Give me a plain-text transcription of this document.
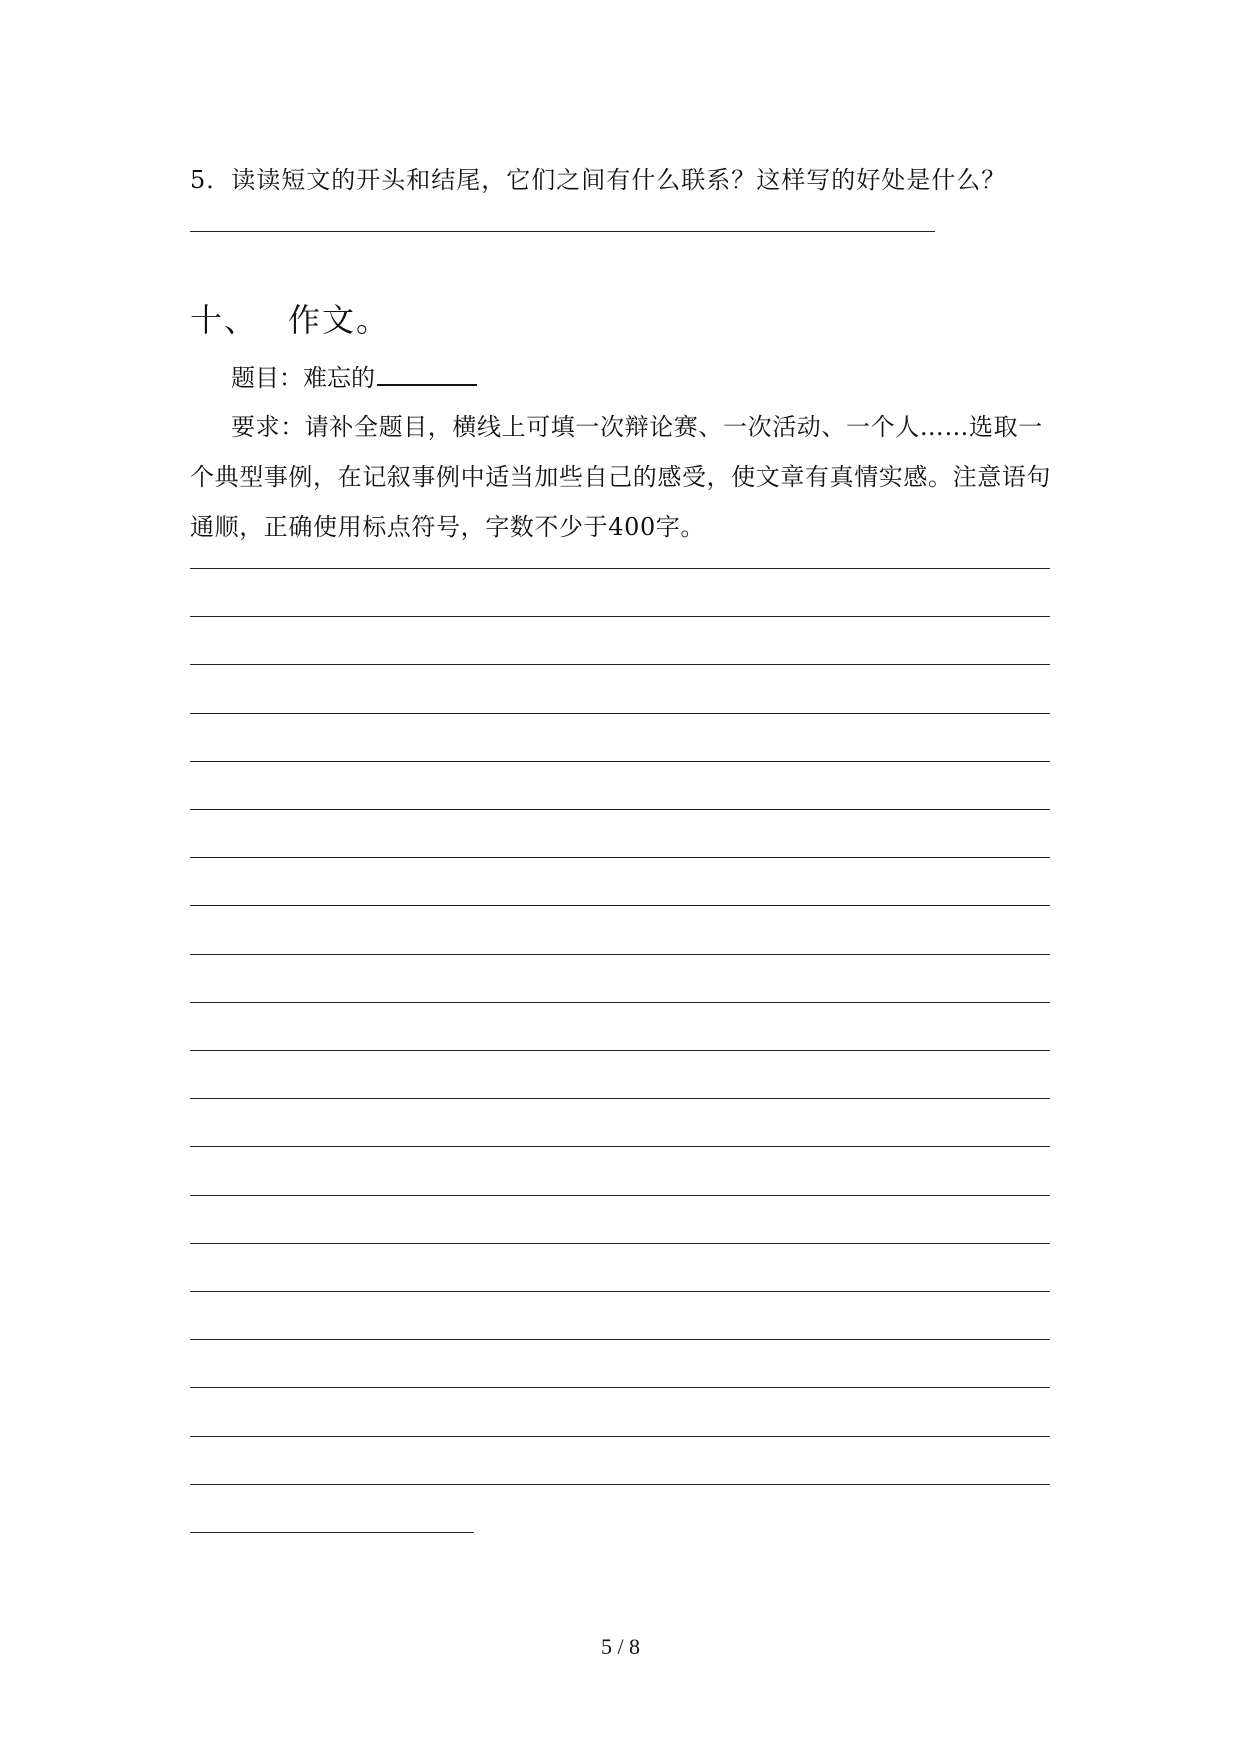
5．读读短文的开头和结尾，它们之间有什么联系？这样写的好处是什么？
十、 作文。
题目：难忘的
要求：请补全题目，横线上可填一次辩论赛、一次活动、一个人……选取一个典型事例，在记叙事例中适当加些自己的感受，使文章有真情实感。注意语句通顺，正确使用标点符号，字数不少于400字。
5 / 8
